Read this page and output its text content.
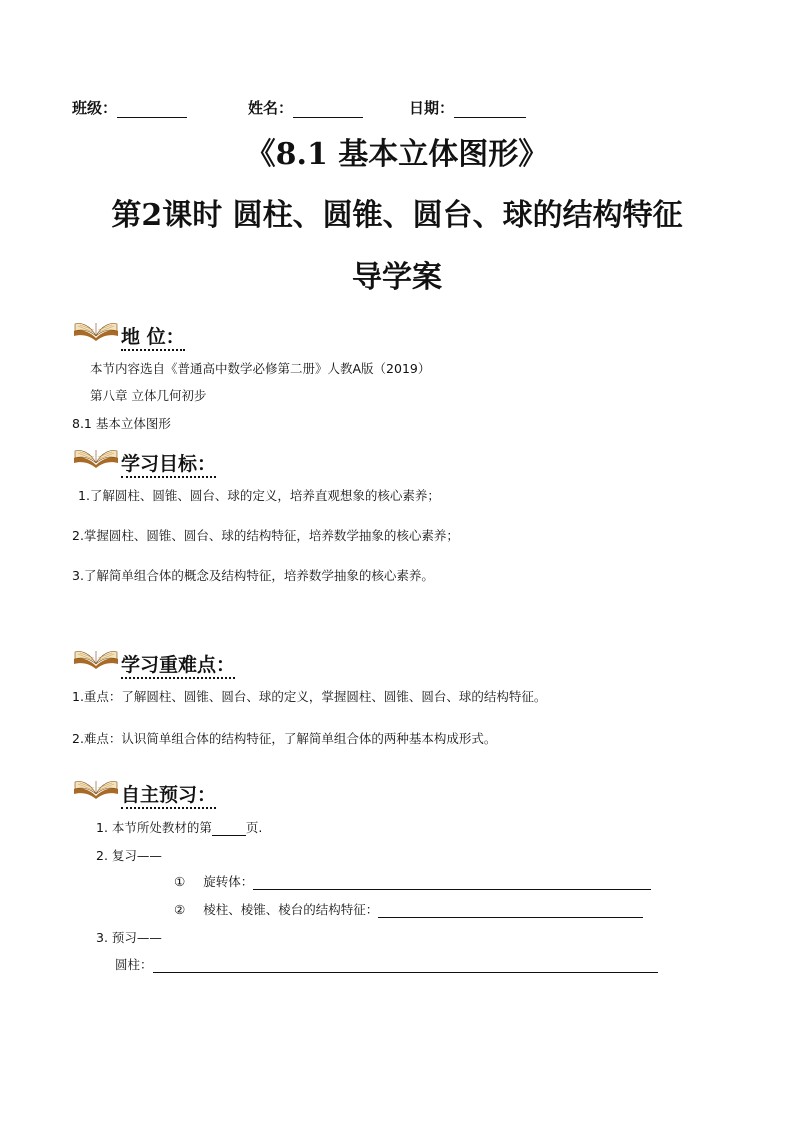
班级：	姓名：	日期：
《8.1 基本立体图形》
第2课时 圆柱、圆锥、圆台、球的结构特征
导学案
地 位：
本节内容选自《普通高中数学必修第二册》人教A版（2019）
第八章 立体几何初步
8.1 基本立体图形
学习目标：
1.了解圆柱、圆锥、圆台、球的定义，培养直观想象的核心素养；
2.掌握圆柱、圆锥、圆台、球的结构特征，培养数学抽象的核心素养；
3.了解简单组合体的概念及结构特征，培养数学抽象的核心素养。
学习重难点：
1.重点：了解圆柱、圆锥、圆台、球的定义，掌握圆柱、圆锥、圆台、球的结构特征。
2.难点：认识简单组合体的结构特征，了解简单组合体的两种基本构成形式。
自主预习：
1. 本节所处教材的第	页.
2. 复习——
① 旋转体：
② 棱柱、棱锥、棱台的结构特征：
3. 预习——
圆柱：
